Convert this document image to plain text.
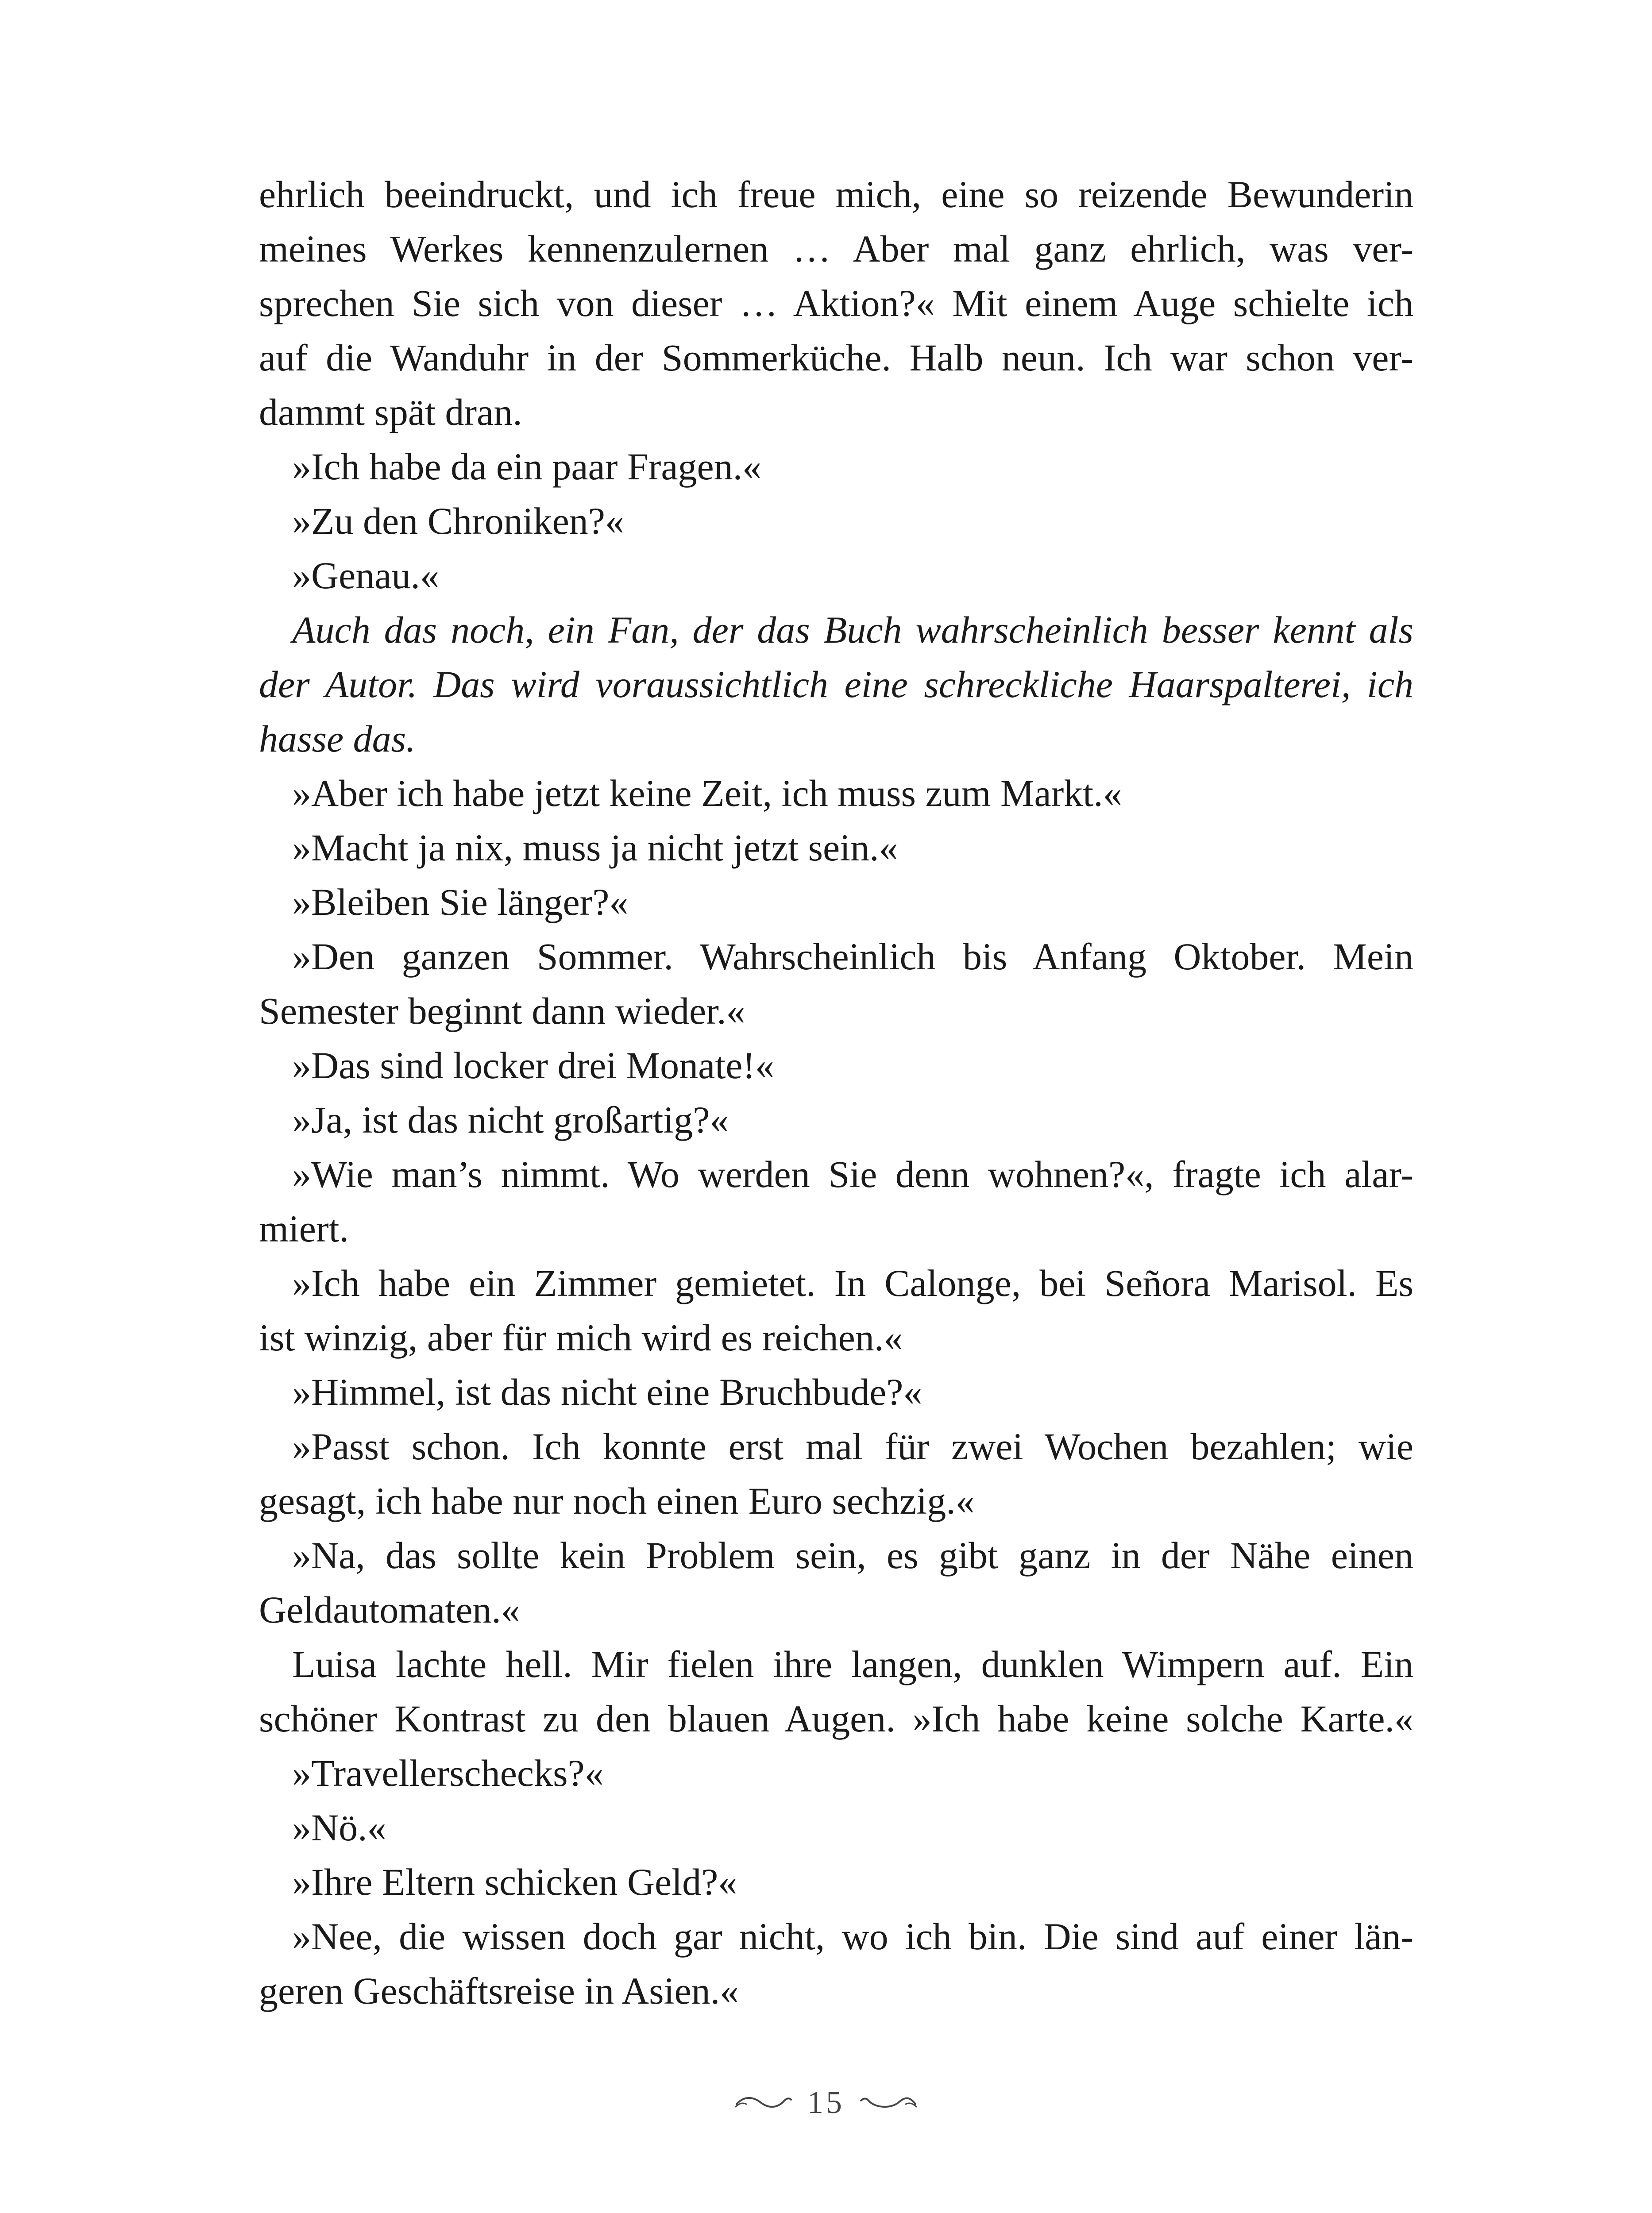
ehrlich beeindruckt, und ich freue mich, eine so reizende Bewunderin
meines Werkes kennenzulernen … Aber mal ganz ehrlich, was ver-
sprechen Sie sich von dieser … Aktion?« Mit einem Auge schielte ich
auf die Wanduhr in der Sommerküche. Halb neun. Ich war schon ver-
dammt spät dran.
»Ich habe da ein paar Fragen.«
»Zu den Chroniken?«
»Genau.«
Auch das noch, ein Fan, der das Buch wahrscheinlich besser kennt als
der Autor. Das wird voraussichtlich eine schreckliche Haarspalterei, ich
hasse das.
»Aber ich habe jetzt keine Zeit, ich muss zum Markt.«
»Macht ja nix, muss ja nicht jetzt sein.«
»Bleiben Sie länger?«
»Den ganzen Sommer. Wahrscheinlich bis Anfang Oktober. Mein
Semester beginnt dann wieder.«
»Das sind locker drei Monate!«
»Ja, ist das nicht großartig?«
»Wie man’s nimmt. Wo werden Sie denn wohnen?«, fragte ich alar-
miert.
»Ich habe ein Zimmer gemietet. In Calonge, bei Señora Marisol. Es
ist winzig, aber für mich wird es reichen.«
»Himmel, ist das nicht eine Bruchbude?«
»Passt schon. Ich konnte erst mal für zwei Wochen bezahlen; wie
gesagt, ich habe nur noch einen Euro sechzig.«
»Na, das sollte kein Problem sein, es gibt ganz in der Nähe einen
Geldautomaten.«
Luisa lachte hell. Mir fielen ihre langen, dunklen Wimpern auf. Ein
schöner Kontrast zu den blauen Augen. »Ich habe keine solche Karte.«
»Travellerschecks?«
»Nö.«
»Ihre Eltern schicken Geld?«
»Nee, die wissen doch gar nicht, wo ich bin. Die sind auf einer län-
geren Geschäftsreise in Asien.«
15
